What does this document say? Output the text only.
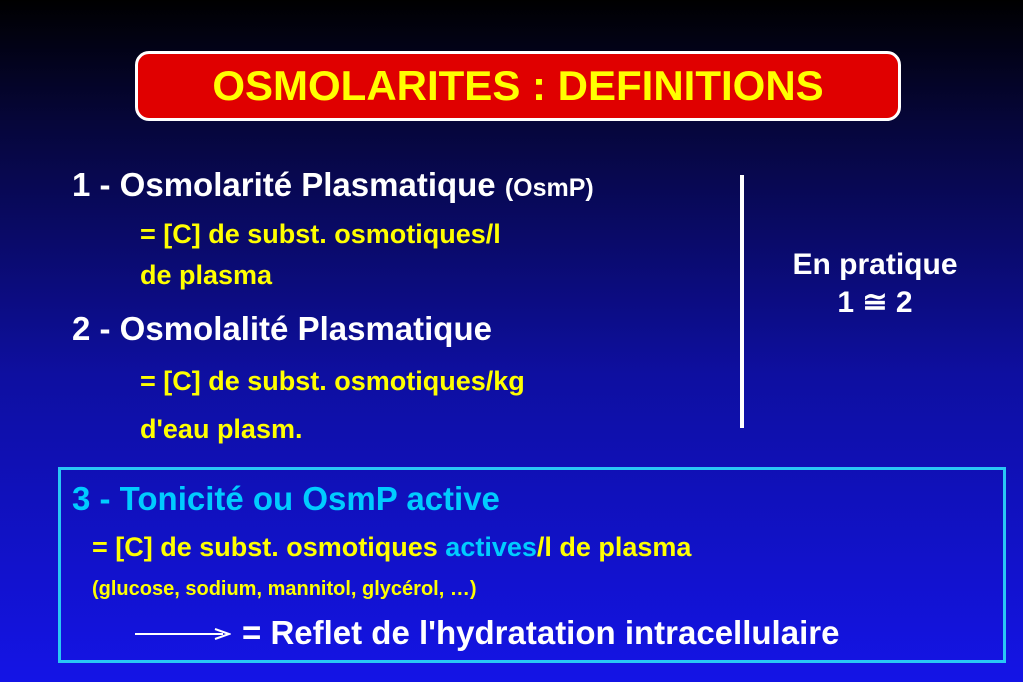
OSMOLARITES : DEFINITIONS
1 - Osmolarité Plasmatique (OsmP)
= [C] de subst. osmotiques/l
de plasma
2 - Osmolalité Plasmatique
= [C] de subst. osmotiques/kg
d'eau plasm.
En pratique
1 ≅ 2
3 - Tonicité ou OsmP active
= [C] de subst. osmotiques actives/l de plasma
(glucose, sodium, mannitol, glycérol, …)
= Reflet de l'hydratation intracellulaire
